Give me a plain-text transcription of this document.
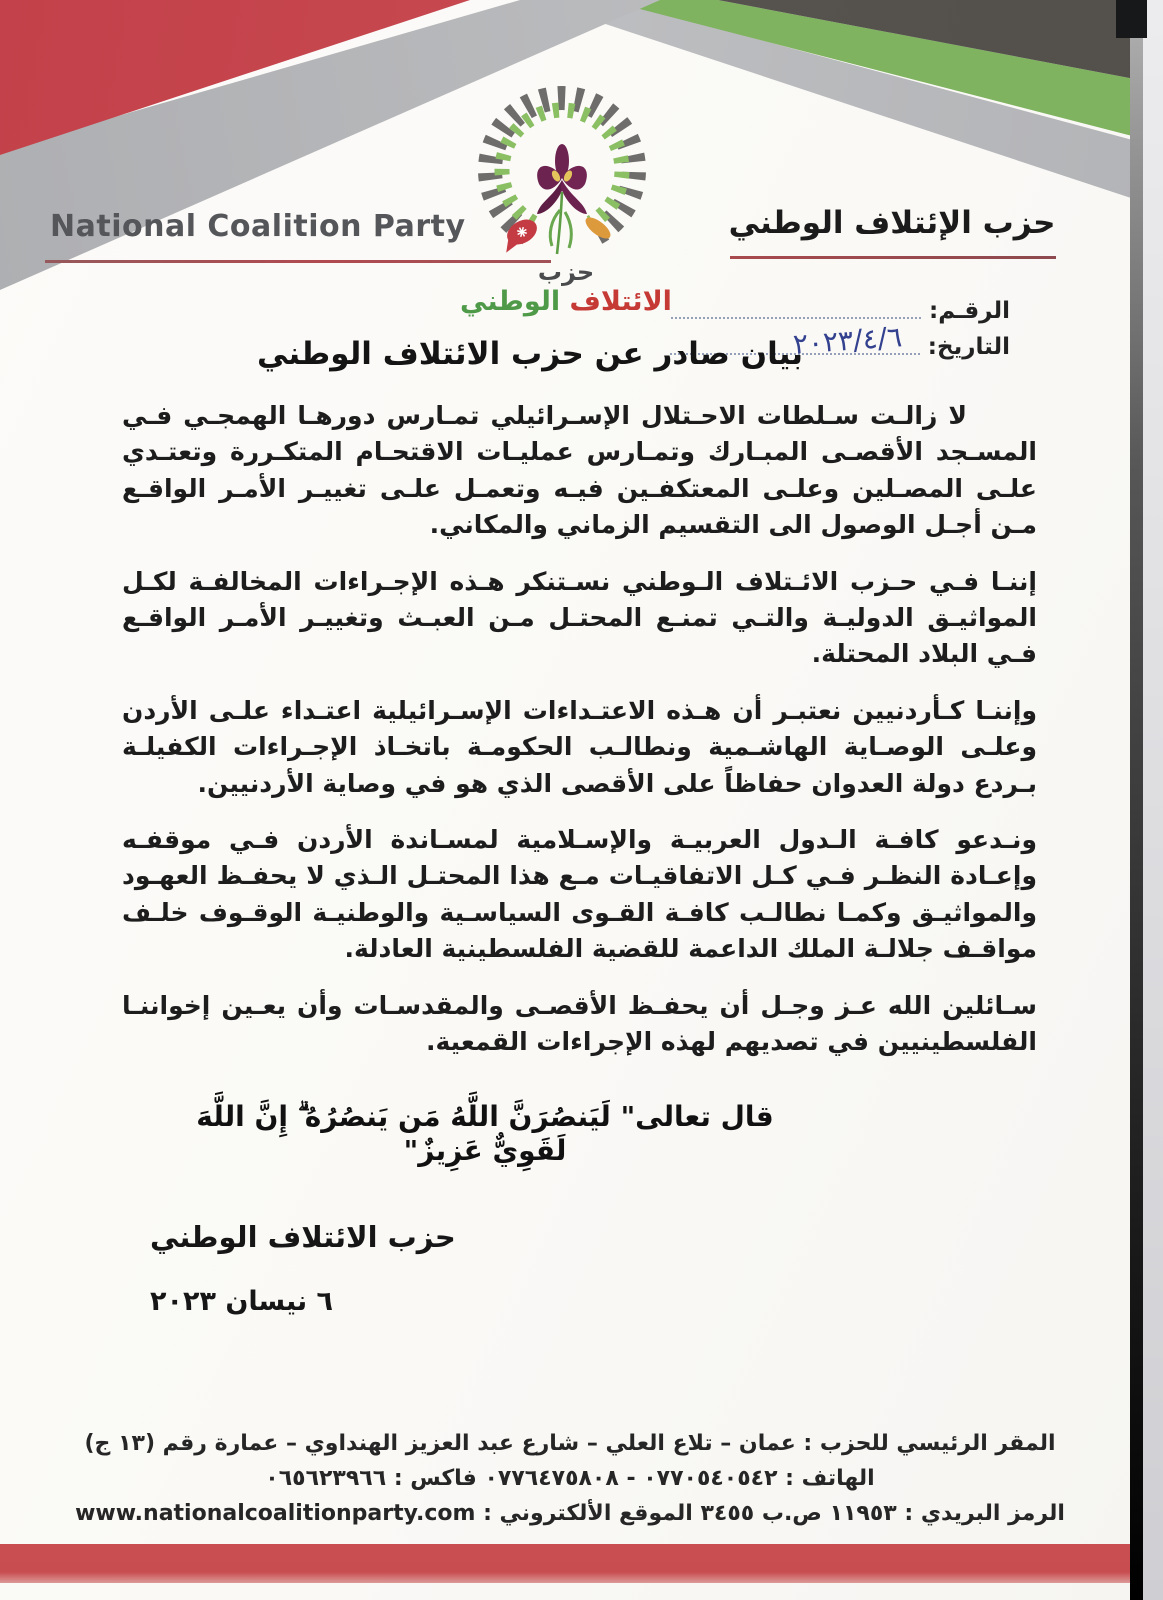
National Coalition Party	حزب الإئتلاف الوطني
حزب
الائتلاف الوطني	الرقـم:
التاريخ:
٢٠٢٣/٤/٦
بيان صادر عن حزب الائتلاف الوطني

لا زالـت سـلطات الاحـتلال الإسـرائيلي تمـارس دورهـا الهمجـي فـي المسـجد الأقصـى المبـارك وتمـارس عمليـات الاقتحـام المتكـررة وتعتـدي علـى المصـلين وعلـى المعتكفـين فيـه وتعمـل علـى تغييـر الأمـر الواقـع مـن أجـل الوصول الى التقسيم الزماني والمكاني.

إننـا فـي حـزب الائـتلاف الـوطني نسـتنكر هـذه الإجـراءات المخالفـة لكـل المواثيـق الدوليـة والتـي تمنـع المحتـل مـن العبـث وتغييـر الأمـر الواقـع فـي البلاد المحتلة.

وإننـا كـأردنيين نعتبـر أن هـذه الاعتـداءات الإسـرائيلية اعتـداء علـى الأردن وعلـى الوصـاية الهاشـمية ونطالـب الحكومـة باتخـاذ الإجـراءات الكفيلـة بـردع دولة العدوان حفاظاً على الأقصى الذي هو في وصاية الأردنيين.

ونـدعو كافـة الـدول العربيـة والإسـلامية لمسـاندة الأردن فـي موقفـه وإعـادة النظـر فـي كـل الاتفاقيـات مـع هذا المحتـل الـذي لا يحفـظ العهـود والمواثيـق وكمـا نطالـب كافـة القـوى السياسـية والوطنيـة الوقـوف خلـف مواقـف جلالـة الملك الداعمة للقضية الفلسطينية العادلة.

سـائلين الله عـز وجـل أن يحفـظ الأقصـى والمقدسـات وأن يعـين إخواننـا الفلسطينيين في تصديهم لهذه الإجراءات القمعية.

قال تعالى" لَيَنصُرَنَّ اللَّهُ مَن يَنصُرُهُ ۗ إِنَّ اللَّهَ لَقَوِيٌّ عَزِيزٌ"
حزب الائتلاف الوطني
٦ نيسان ٢٠٢٣
المقر الرئيسي للحزب : عمان – تلاع العلي – شارع عبد العزيز الهنداوي – عمارة رقم (١٣ ج)
الهاتف : ٠٧٧٠٥٤٠٥٤٢ - ٠٧٧٦٤٧٥٨٠٨ فاكس : ٠٦٥٦٢٣٩٦٦
الرمز البريدي : ١١٩٥٣ ص.ب ٣٤٥٥ الموقع الألكتروني : www.nationalcoalitionparty.com
